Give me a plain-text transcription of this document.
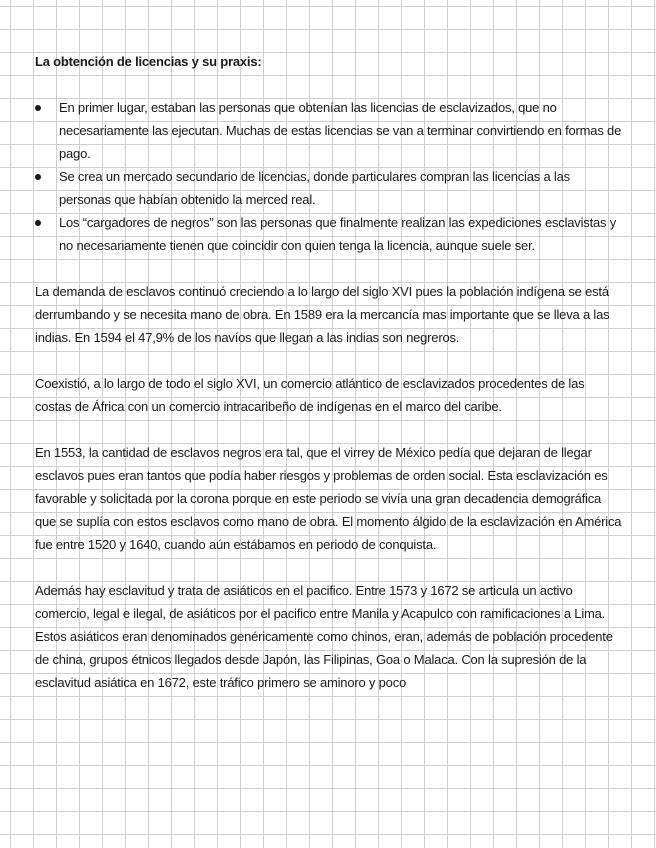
La obtención de licencias y su praxis:
En primer lugar, estaban las personas que obtenían las licencias de esclavizados, que no necesariamente las ejecutan. Muchas de estas licencias se van a terminar convirtiendo en formas de pago.
Se crea un mercado secundario de licencias, donde particulares compran las licencias a las personas que habían obtenido la merced real.
Los “cargadores de negros” son las personas que finalmente realizan las expediciones esclavistas y no necesariamente tienen que coincidir con quien tenga la licencia, aunque suele ser.

La demanda de esclavos continuó creciendo a lo largo del siglo XVI pues la población indígena se está derrumbando y se necesita mano de obra. En 1589 era la mercancía mas importante que se lleva a las indias. En 1594 el 47,9% de los navíos que llegan a las indias son negreros.

Coexistió, a lo largo de todo el siglo XVI, un comercio atlántico de esclavizados procedentes de las costas de África con un comercio intracaribeño de indígenas en el marco del caribe.

En 1553, la cantidad de esclavos negros era tal, que el virrey de México pedía que dejaran de llegar esclavos pues eran tantos que podía haber riesgos y problemas de orden social. Esta esclavización es favorable y solicitada por la corona porque en este periodo se vivía una gran decadencia demográfica que se suplía con estos esclavos como mano de obra. El momento álgido de la esclavización en América fue entre 1520 y 1640, cuando aún estábamos en periodo de conquista.

Además hay esclavitud y trata de asiáticos en el pacifico. Entre 1573 y 1672 se articula un activo comercio, legal e ilegal, de asiáticos por el pacifico entre Manila y Acapulco con ramificaciones a Lima.

Estos asiáticos eran denominados genéricamente como chinos, eran, además de población procedente de china, grupos étnicos llegados desde Japón, las Filipinas, Goa o Malaca. Con la supresión de la esclavitud asiática en 1672, este tráfico primero se aminoro y poco
